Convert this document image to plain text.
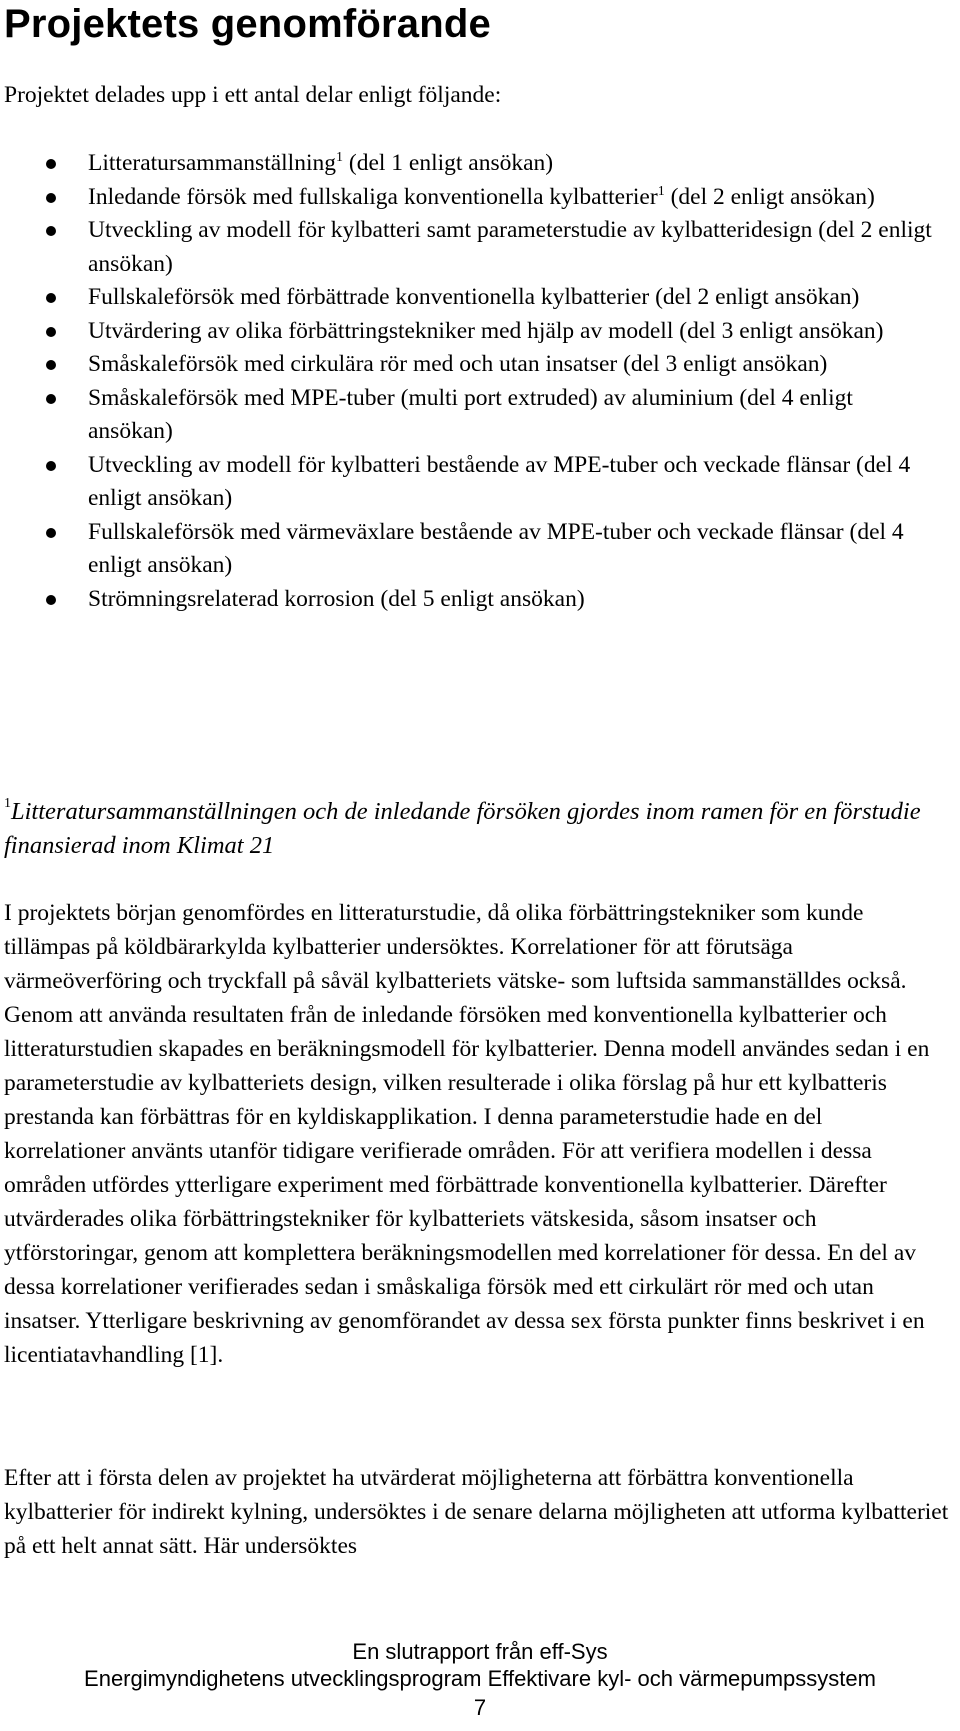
Projektets genomförande

Projektet delades upp i ett antal delar enligt följande:

Litteratursammanställning$^1$ (del 1 enligt ansökan)
Inledande försök med fullskaliga konventionella kylbatterier$^1$ (del 2 enligt ansökan)
Utveckling av modell för kylbatteri samt parameterstudie av kylbatteridesign (del 2 enligt ansökan)
Fullskaleförsök med förbättrade konventionella kylbatterier (del 2 enligt ansökan)
Utvärdering av olika förbättringstekniker med hjälp av modell (del 3 enligt ansökan)
Småskaleförsök med cirkulära rör med och utan insatser (del 3 enligt ansökan)
Småskaleförsök med MPE-tuber (multi port extruded) av aluminium (del 4 enligt ansökan)
Utveckling av modell för kylbatteri bestående av MPE-tuber och veckade flänsar (del 4 enligt ansökan)
Fullskaleförsök med värmeväxlare bestående av MPE-tuber och veckade flänsar (del 4 enligt ansökan)
Strömningsrelaterad korrosion (del 5 enligt ansökan)

$^1$Litteratursammanställningen och de inledande försöken gjordes inom ramen för en förstudie finansierad inom Klimat 21

I projektets början genomfördes en litteraturstudie, då olika förbättringstekniker som kunde tillämpas på köldbärarkylda kylbatterier undersöktes. Korrelationer för att förutsäga värmeöverföring och tryckfall på såväl kylbatteriets vätske- som luftsida sammanställdes också. Genom att använda resultaten från de inledande försöken med konventionella kylbatterier och litteraturstudien skapades en beräkningsmodell för kylbatterier. Denna modell användes sedan i en parameterstudie av kylbatteriets design, vilken resulterade i olika förslag på hur ett kylbatteris prestanda kan förbättras för en kyldiskapplikation. I denna parameterstudie hade en del korrelationer använts utanför tidigare verifierade områden. För att verifiera modellen i dessa områden utfördes ytterligare experiment med förbättrade konventionella kylbatterier. Därefter utvärderades olika förbättringstekniker för kylbatteriets vätskesida, såsom insatser och ytförstoringar, genom att komplettera beräkningsmodellen med korrelationer för dessa. En del av dessa korrelationer verifierades sedan i småskaliga försök med ett cirkulärt rör med och utan insatser. Ytterligare beskrivning av genomförandet av dessa sex första punkter finns beskrivet i en licentiatavhandling [1].

Efter att i första delen av projektet ha utvärderat möjligheterna att förbättra konventionella kylbatterier för indirekt kylning, undersöktes i de senare delarna möjligheten att utforma kylbatteriet på ett helt annat sätt. Här undersöktes

En slutrapport från eff-Sys
Energimyndighetens utvecklingsprogram Effektivare kyl- och värmepumpssystem
7
